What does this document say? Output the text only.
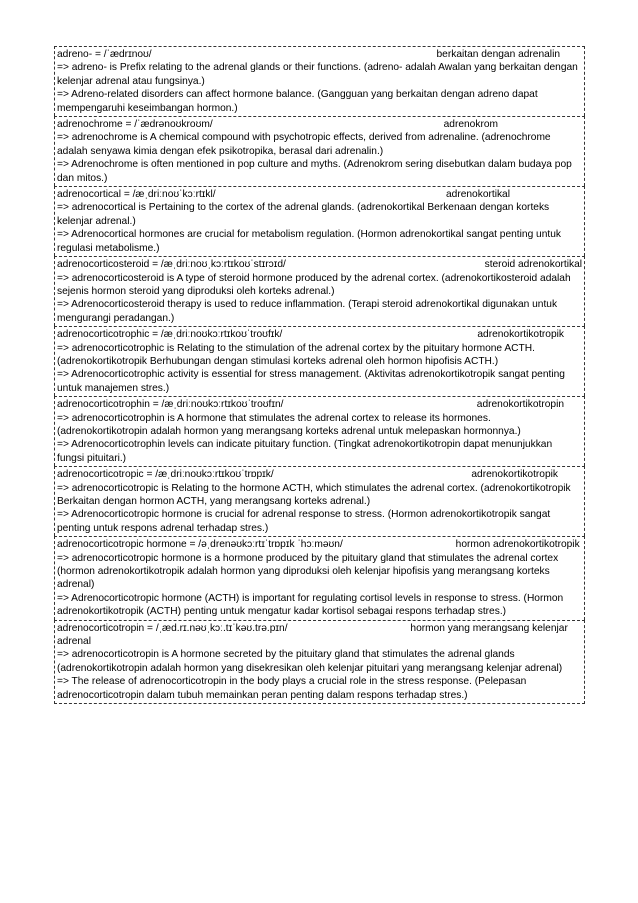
adreno- = /ˈædrɪnoʊ/	berkaitan dengan adrenalin
=> adreno- is Prefix relating to the adrenal glands or their functions. (adreno- adalah Awalan yang berkaitan dengan kelenjar adrenal atau fungsinya.)
=> Adreno-related disorders can affect hormone balance. (Gangguan yang berkaitan dengan adreno dapat mempengaruhi keseimbangan hormon.)
adrenochrome = /ˈædrənoʊkroʊm/	adrenokrom
=> adrenochrome is A chemical compound with psychotropic effects, derived from adrenaline. (adrenochrome adalah senyawa kimia dengan efek psikotropika, berasal dari adrenalin.)
=> Adrenochrome is often mentioned in pop culture and myths. (Adrenokrom sering disebutkan dalam budaya pop dan mitos.)
adrenocortical = /æˌdriːnoʊˈkɔːrtɪkl/	adrenokortikal
=> adrenocortical is Pertaining to the cortex of the adrenal glands. (adrenokortikal Berkenaan dengan korteks kelenjar adrenal.)
=> Adrenocortical hormones are crucial for metabolism regulation. (Hormon adrenokortikal sangat penting untuk regulasi metabolisme.)
adrenocorticosteroid = /æˌdriːnoʊˌkɔːrtɪkoʊˈstɪrɔɪd/	steroid adrenokortikal
=> adrenocorticosteroid is A type of steroid hormone produced by the adrenal cortex. (adrenokortikosteroid adalah sejenis hormon steroid yang diproduksi oleh korteks adrenal.)
=> Adrenocorticosteroid therapy is used to reduce inflammation. (Terapi steroid adrenokortikal digunakan untuk mengurangi peradangan.)
adrenocorticotrophic = /æˌdriːnoʊkɔːrtɪkoʊˈtroʊfɪk/	adrenokortikotropik
=> adrenocorticotrophic is Relating to the stimulation of the adrenal cortex by the pituitary hormone ACTH. (adrenokortikotropik Berhubungan dengan stimulasi korteks adrenal oleh hormon hipofisis ACTH.)
=> Adrenocorticotrophic activity is essential for stress management. (Aktivitas adrenokortikotropik sangat penting untuk manajemen stres.)
adrenocorticotrophin = /æˌdriːnoʊkɔːrtɪkoʊˈtroʊfɪn/	adrenokortikotropin
=> adrenocorticotrophin is A hormone that stimulates the adrenal cortex to release its hormones. (adrenokortikotropin adalah hormon yang merangsang korteks adrenal untuk melepaskan hormonnya.)
=> Adrenocorticotrophin levels can indicate pituitary function. (Tingkat adrenokortikotropin dapat menunjukkan fungsi pituitari.)
adrenocorticotropic = /æˌdriːnoʊkɔːrtɪkoʊˈtrɒpɪk/	adrenokortikotropik
=> adrenocorticotropic is Relating to the hormone ACTH, which stimulates the adrenal cortex. (adrenokortikotropik Berkaitan dengan hormon ACTH, yang merangsang korteks adrenal.)
=> Adrenocorticotropic hormone is crucial for adrenal response to stress. (Hormon adrenokortikotropik sangat penting untuk respons adrenal terhadap stres.)
adrenocorticotropic hormone = /əˌdrenəʊkɔːrtɪˈtrɒpɪk ˈhɔːməʊn/	hormon adrenokortikotropik
=> adrenocorticotropic hormone is a hormone produced by the pituitary gland that stimulates the adrenal cortex (hormon adrenokortikotropik adalah hormon yang diproduksi oleh kelenjar hipofisis yang merangsang korteks adrenal)
=> Adrenocorticotropic hormone (ACTH) is important for regulating cortisol levels in response to stress. (Hormon adrenokortikotropik (ACTH) penting untuk mengatur kadar kortisol sebagai respons terhadap stres.)
adrenocorticotropin = /ˌæd.rɪ.nəʊˌkɔː.tɪˈkəʊ.trə.pɪn/	hormon yang merangsang kelenjar adrenal
=> adrenocorticotropin is A hormone secreted by the pituitary gland that stimulates the adrenal glands (adrenokortikotropin adalah hormon yang disekresikan oleh kelenjar pituitari yang merangsang kelenjar adrenal)
=> The release of adrenocorticotropin in the body plays a crucial role in the stress response. (Pelepasan adrenocorticotropin dalam tubuh memainkan peran penting dalam respons terhadap stres.)
